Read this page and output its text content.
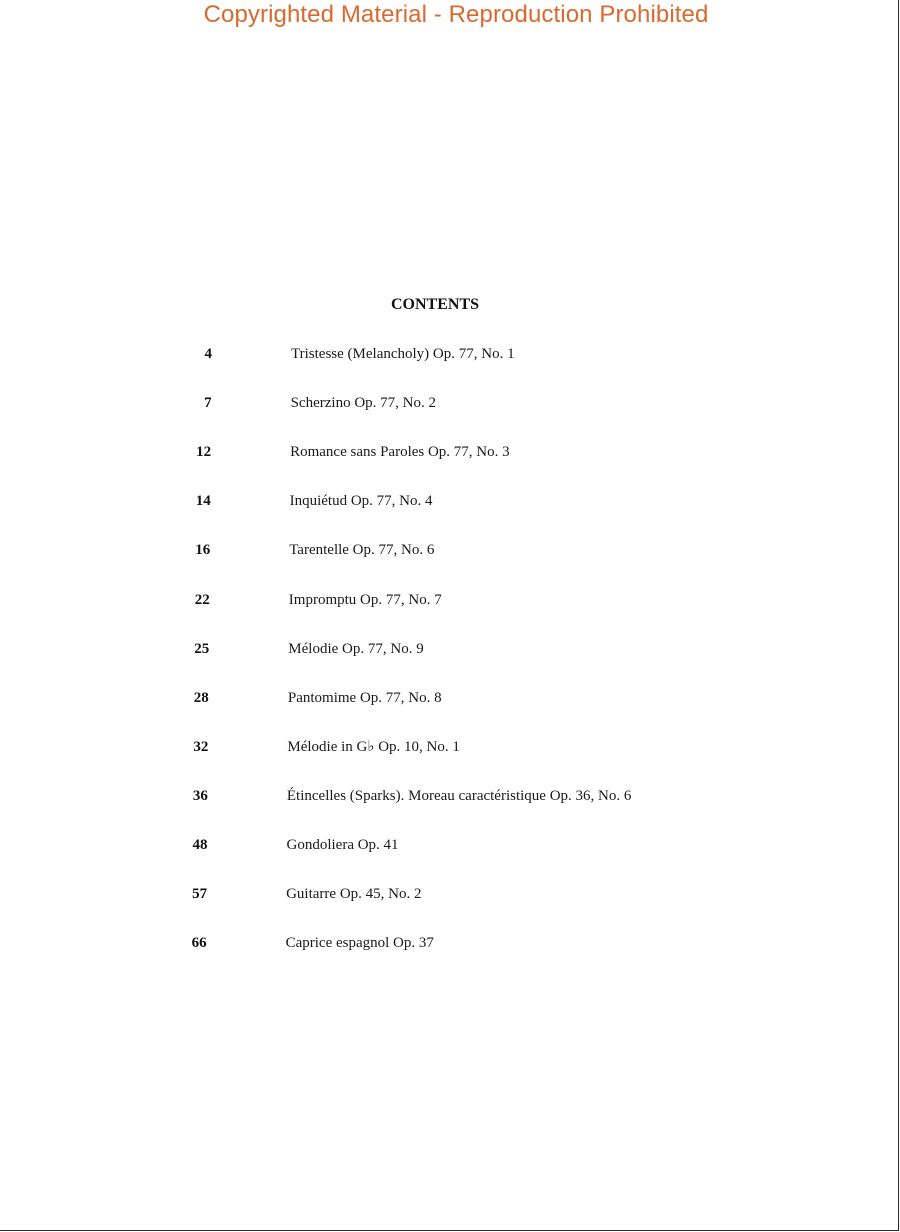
Copyrighted Material - Reproduction Prohibited
CONTENTS
4	Tristesse (Melancholy) Op. 77, No. 1
7	Scherzino Op. 77, No. 2
12	Romance sans Paroles Op. 77, No. 3
14	Inquiétud Op. 77, No. 4
16	Tarentelle Op. 77, No. 6
22	Impromptu Op. 77, No. 7
25	Mélodie Op. 77, No. 9
28	Pantomime Op. 77, No. 8
32	Mélodie in G♭ Op. 10, No. 1
36	Étincelles (Sparks). Moreau caractéristique Op. 36, No. 6
48	Gondoliera Op. 41
57	Guitarre Op. 45, No. 2
66	Caprice espagnol Op. 37
